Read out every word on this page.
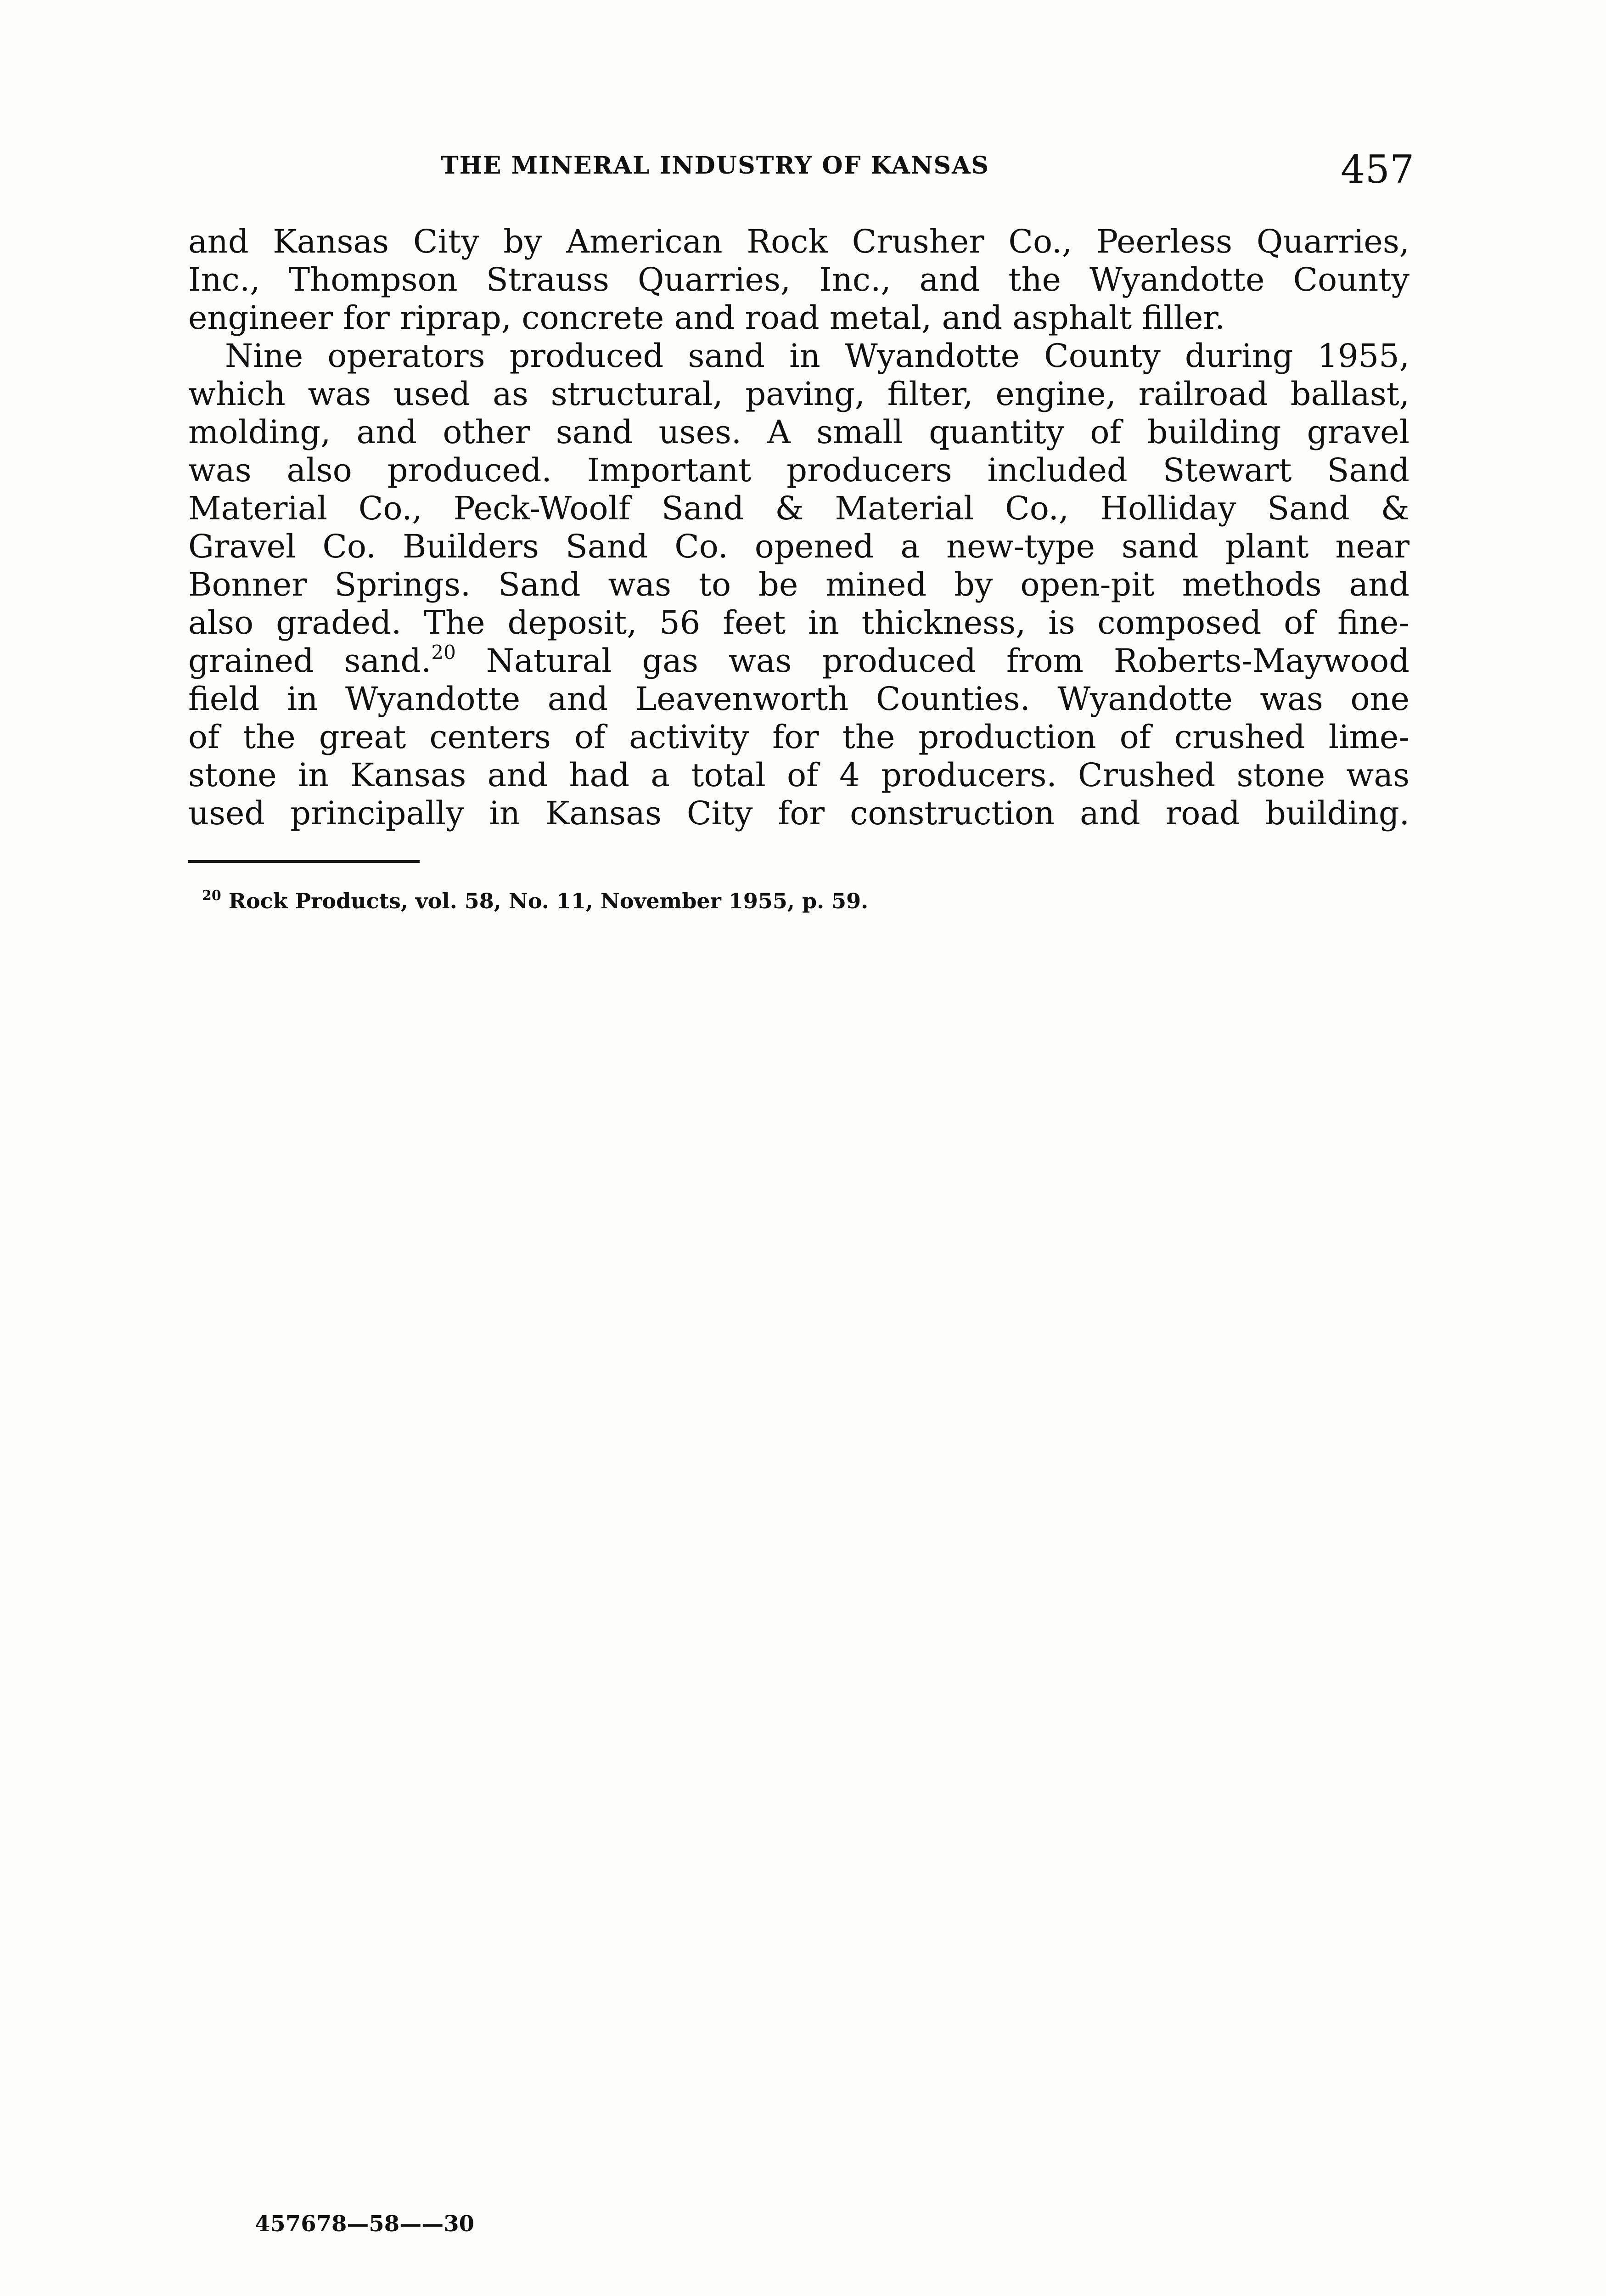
THE MINERAL INDUSTRY OF KANSAS	457
and Kansas City by American Rock Crusher Co., Peerless Quarries,
Inc., Thompson Strauss Quarries, Inc., and the Wyandotte County
engineer for riprap, concrete and road metal, and asphalt filler.
Nine operators produced sand in Wyandotte County during 1955,
which was used as structural, paving, filter, engine, railroad ballast,
molding, and other sand uses. A small quantity of building gravel
was also produced. Important producers included Stewart Sand
Material Co., Peck-Woolf Sand & Material Co., Holliday Sand &
Gravel Co. Builders Sand Co. opened a new-type sand plant near
Bonner Springs. Sand was to be mined by open-pit methods and
also graded. The deposit, 56 feet in thickness, is composed of fine-
grained sand.$^{20}$ Natural gas was produced from Roberts-Maywood
field in Wyandotte and Leavenworth Counties. Wyandotte was one
of the great centers of activity for the production of crushed lime-
stone in Kansas and had a total of 4 producers. Crushed stone was
used principally in Kansas City for construction and road building.
$^{20}$ Rock Products, vol. 58, No. 11, November 1955, p. 59.
457678—58——30
